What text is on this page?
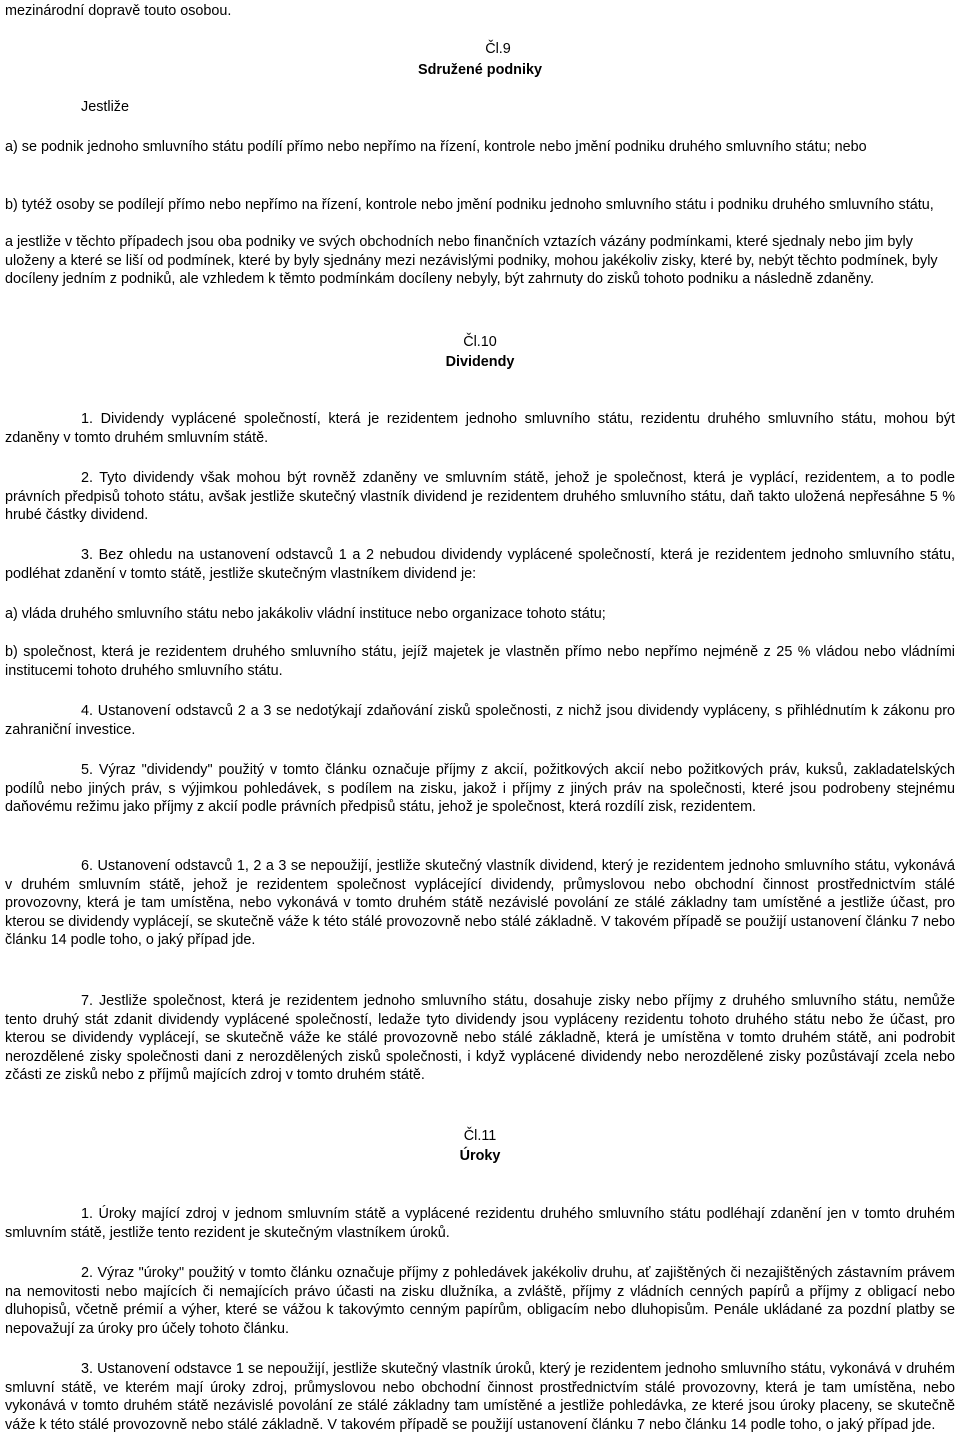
mezinárodní dopravě touto osobou.

Čl.9
Sdružené podniky

Jestliže

a) se podnik jednoho smluvního státu podílí přímo nebo nepřímo na řízení, kontrole nebo jmění podniku druhého smluvního státu; nebo

b) tytéž osoby se podílejí přímo nebo nepřímo na řízení, kontrole nebo jmění podniku jednoho smluvního státu i podniku druhého smluvního státu,

a jestliže v těchto případech jsou oba podniky ve svých obchodních nebo finančních vztazích vázány podmínkami, které sjednaly nebo jim byly uloženy a které se liší od podmínek, které by byly sjednány mezi nezávislými podniky, mohou jakékoliv zisky, které by, nebýt těchto podmínek, byly docíleny jedním z podniků, ale vzhledem k těmto podmínkám docíleny nebyly, být zahrnuty do zisků tohoto podniku a následně zdaněny.

Čl.10
Dividendy

1. Dividendy vyplácené společností, která je rezidentem jednoho smluvního státu, rezidentu druhého smluvního státu, mohou být zdaněny v tomto druhém smluvním státě.

2. Tyto dividendy však mohou být rovněž zdaněny ve smluvním státě, jehož je společnost, která je vyplácí, rezidentem, a to podle právních předpisů tohoto státu, avšak jestliže skutečný vlastník dividend je rezidentem druhého smluvního státu, daň takto uložená nepřesáhne 5 % hrubé částky dividend.

3. Bez ohledu na ustanovení odstavců 1 a 2 nebudou dividendy vyplácené společností, která je rezidentem jednoho smluvního státu, podléhat zdanění v tomto státě, jestliže skutečným vlastníkem dividend je:

a) vláda druhého smluvního státu nebo jakákoliv vládní instituce nebo organizace tohoto státu;

b) společnost, která je rezidentem druhého smluvního státu, jejíž majetek je vlastněn přímo nebo nepřímo nejméně z 25 % vládou nebo vládními institucemi tohoto druhého smluvního státu.

4. Ustanovení odstavců 2 a 3 se nedotýkají zdaňování zisků společnosti, z nichž jsou dividendy vypláceny, s přihlédnutím k zákonu pro zahraniční investice.

5. Výraz "dividendy" použitý v tomto článku označuje příjmy z akcií, požitkových akcií nebo požitkových práv, kuksů, zakladatelských podílů nebo jiných práv, s výjimkou pohledávek, s podílem na zisku, jakož i příjmy z jiných práv na společnosti, které jsou podrobeny stejnému daňovému režimu jako příjmy z akcií podle právních předpisů státu, jehož je společnost, která rozdílí zisk, rezidentem.

6. Ustanovení odstavců 1, 2 a 3 se nepoužijí, jestliže skutečný vlastník dividend, který je rezidentem jednoho smluvního státu, vykonává v druhém smluvním státě, jehož je rezidentem společnost vyplácející dividendy, průmyslovou nebo obchodní činnost prostřednictvím stálé provozovny, která je tam umístěna, nebo vykonává v tomto druhém státě nezávislé povolání ze stálé základny tam umístěné a jestliže účast, pro kterou se dividendy vyplácejí, se skutečně váže k této stálé provozovně nebo stálé základně. V takovém případě se použijí ustanovení článku 7 nebo článku 14 podle toho, o jaký případ jde.

7. Jestliže společnost, která je rezidentem jednoho smluvního státu, dosahuje zisky nebo příjmy z druhého smluvního státu, nemůže tento druhý stát zdanit dividendy vyplácené společností, ledaže tyto dividendy jsou vypláceny rezidentu tohoto druhého státu nebo že účast, pro kterou se dividendy vyplácejí, se skutečně váže ke stálé provozovně nebo stálé základně, která je umístěna v tomto druhém státě, ani podrobit nerozdělené zisky společnosti dani z nerozdělených zisků společnosti, i když vyplácené dividendy nebo nerozdělené zisky pozůstávají zcela nebo zčásti ze zisků nebo z příjmů majících zdroj v tomto druhém státě.

Čl.11
Úroky

1. Úroky mající zdroj v jednom smluvním státě a vyplácené rezidentu druhého smluvního státu podléhají zdanění jen v tomto druhém smluvním státě, jestliže tento rezident je skutečným vlastníkem úroků.

2. Výraz "úroky" použitý v tomto článku označuje příjmy z pohledávek jakékoliv druhu, ať zajištěných či nezajištěných zástavním právem na nemovitosti nebo majících či nemajících právo účasti na zisku dlužníka, a zvláště, příjmy z vládních cenných papírů a příjmy z obligací nebo dluhopisů, včetně prémií a výher, které se vážou k takovýmto cenným papírům, obligacím nebo dluhopisům. Penále ukládané za pozdní platby se nepovažují za úroky pro účely tohoto článku.

3. Ustanovení odstavce 1 se nepoužijí, jestliže skutečný vlastník úroků, který je rezidentem jednoho smluvního státu, vykonává v druhém smluvní státě, ve kterém mají úroky zdroj, průmyslovou nebo obchodní činnost prostřednictvím stálé provozovny, která je tam umístěna, nebo vykonává v tomto druhém státě nezávislé povolání ze stálé základny tam umístěné a jestliže pohledávka, ze které jsou úroky placeny, se skutečně váže k této stálé provozovně nebo stálé základně. V takovém případě se použijí ustanovení článku 7 nebo článku 14 podle toho, o jaký případ jde.
